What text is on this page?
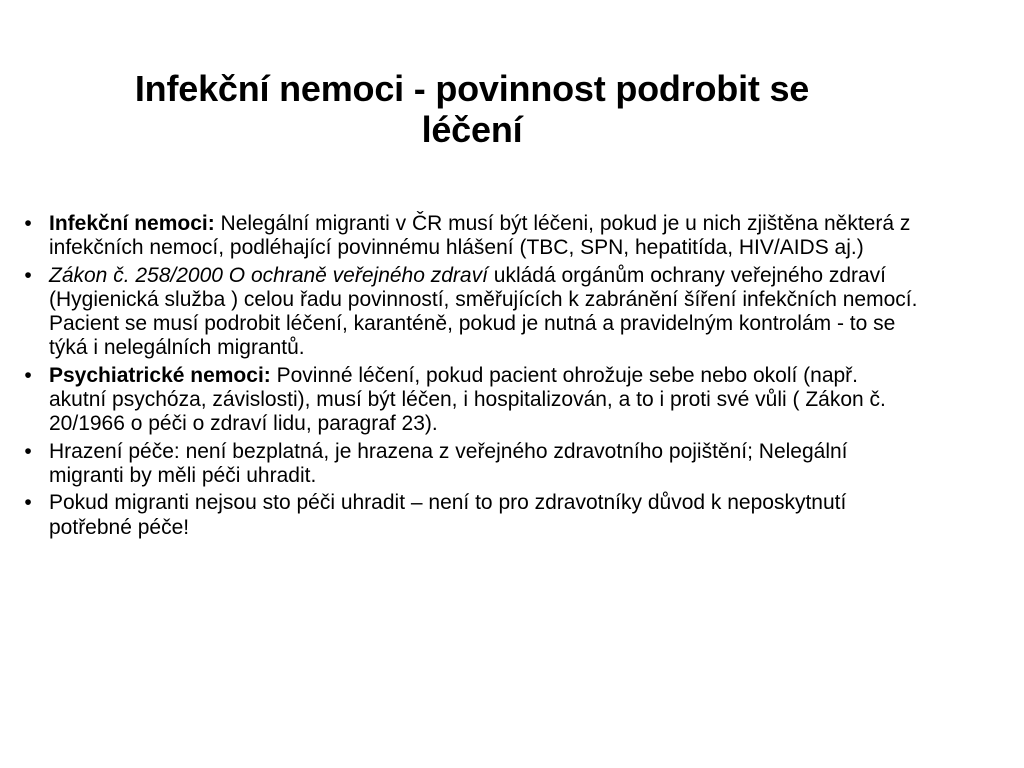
Infekční nemoci - povinnost podrobit se
léčení
• Infekční nemoci: Nelegální migranti v ČR musí být léčeni, pokud je u nich zjištěna některá z infekčních nemocí, podléhající povinnému hlášení (TBC, SPN, hepatitída, HIV/AIDS aj.)
• Zákon č. 258/2000 O ochraně veřejného zdraví ukládá orgánům ochrany veřejného zdraví (Hygienická služba ) celou řadu povinností, směřujících k zabránění šíření infekčních nemocí. Pacient se musí podrobit léčení, karanténě, pokud je nutná a pravidelným kontrolám - to se týká i nelegálních migrantů.
• Psychiatrické nemoci: Povinné léčení, pokud pacient ohrožuje sebe nebo okolí (např. akutní psychóza, závislosti), musí být léčen, i hospitalizován, a to i proti své vůli ( Zákon č. 20/1966 o péči o zdraví lidu, paragraf 23).
• Hrazení péče: není bezplatná, je hrazena z veřejného zdravotního pojištění; Nelegální migranti by měli péči uhradit.
• Pokud migranti nejsou sto péči uhradit – není to pro zdravotníky důvod k neposkytnutí potřebné péče!
